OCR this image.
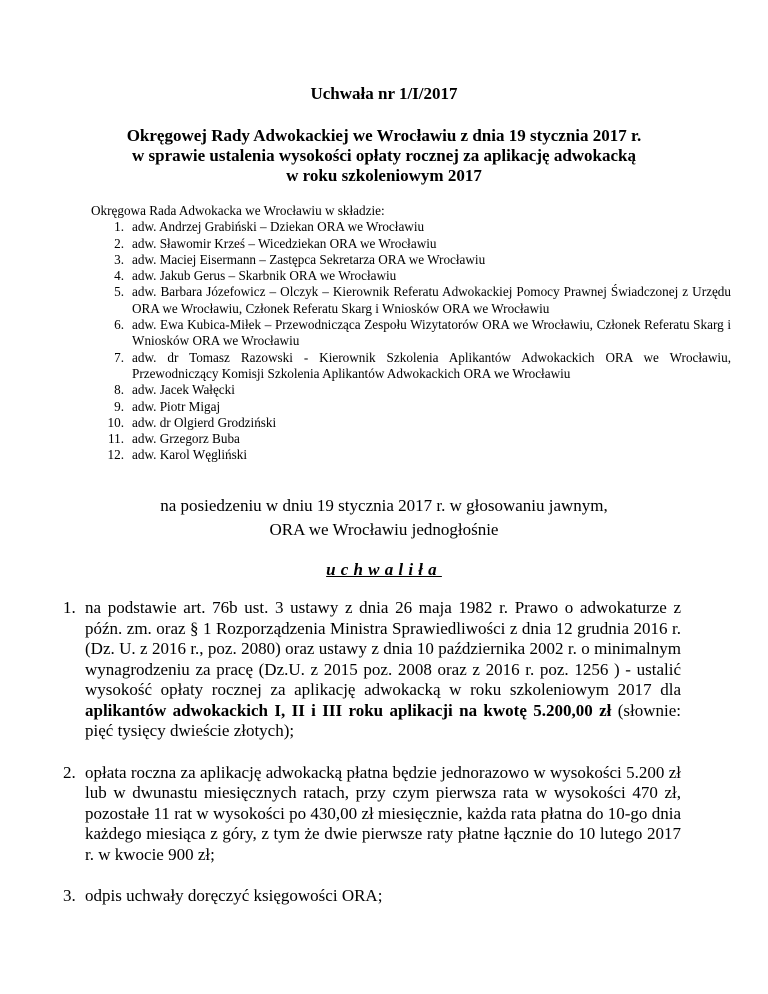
Uchwała nr 1/I/2017
Okręgowej Rady Adwokackiej we Wrocławiu z dnia 19 stycznia 2017 r.
w sprawie ustalenia wysokości opłaty rocznej za aplikację adwokacką
w roku szkoleniowym 2017

Okręgowa Rada Adwokacka we Wrocławiu w składzie:

1. adw. Andrzej Grabiński – Dziekan ORA we Wrocławiu
2. adw. Sławomir Krześ – Wicedziekan ORA we Wrocławiu
3. adw. Maciej Eisermann – Zastępca Sekretarza ORA we Wrocławiu
4. adw. Jakub Gerus – Skarbnik ORA we Wrocławiu
5. adw. Barbara Józefowicz – Olczyk – Kierownik Referatu Adwokackiej Pomocy Prawnej Świadczonej z Urzędu ORA we Wrocławiu, Członek Referatu Skarg i Wniosków ORA we Wrocławiu
6. adw. Ewa Kubica-Miłek – Przewodnicząca Zespołu Wizytatorów ORA we Wrocławiu, Członek Referatu Skarg i Wniosków ORA we Wrocławiu
7. adw. dr Tomasz Razowski - Kierownik Szkolenia Aplikantów Adwokackich ORA we Wrocławiu, Przewodniczący Komisji Szkolenia Aplikantów Adwokackich ORA we Wrocławiu
8. adw. Jacek Wałęcki
9. adw. Piotr Migaj
10. adw. dr Olgierd Grodziński
11. adw. Grzegorz Buba
12. adw. Karol Węgliński
na posiedzeniu w dniu 19 stycznia 2017 r. w głosowaniu jawnym,
ORA we Wrocławiu jednogłośnie
uchwaliła
1. na podstawie art. 76b ust. 3 ustawy z dnia 26 maja 1982 r. Prawo o adwokaturze z późn. zm. oraz § 1 Rozporządzenia Ministra Sprawiedliwości z dnia 12 grudnia 2016 r. (Dz. U. z 2016 r., poz. 2080) oraz ustawy z dnia 10 października 2002 r. o minimalnym wynagrodzeniu za pracę (Dz.U. z 2015 poz. 2008 oraz z 2016 r. poz. 1256 ) - ustalić wysokość opłaty rocznej za aplikację adwokacką w roku szkoleniowym 2017 dla aplikantów adwokackich I, II i III roku aplikacji na kwotę 5.200,00 zł (słownie: pięć tysięcy dwieście złotych);
2. opłata roczna za aplikację adwokacką płatna będzie jednorazowo w wysokości 5.200 zł lub w dwunastu miesięcznych ratach, przy czym pierwsza rata w wysokości 470 zł, pozostałe 11 rat w wysokości po 430,00 zł miesięcznie, każda rata płatna do 10-go dnia każdego miesiąca z góry, z tym że dwie pierwsze raty płatne łącznie do 10 lutego 2017 r. w kwocie 900 zł;
3. odpis uchwały doręczyć księgowości ORA;
